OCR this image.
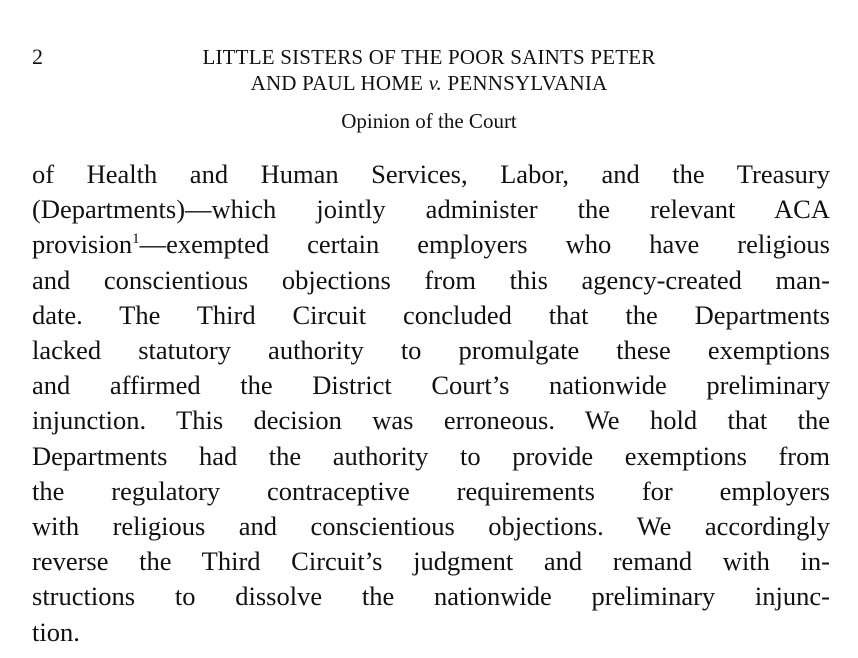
2	LITTLE SISTERS OF THE POOR SAINTS PETER
AND PAUL HOME v. PENNSYLVANIA
Opinion of the Court
of Health and Human Services, Labor, and the Treasury
(Departments)—which jointly administer the relevant ACA
provision$^1$—exempted certain employers who have religious
and conscientious objections from this agency-created man-
date. The Third Circuit concluded that the Departments
lacked statutory authority to promulgate these exemptions
and affirmed the District Court’s nationwide preliminary
injunction. This decision was erroneous. We hold that the
Departments had the authority to provide exemptions from
the regulatory contraceptive requirements for employers
with religious and conscientious objections. We accordingly
reverse the Third Circuit’s judgment and remand with in-
structions to dissolve the nationwide preliminary injunc-
tion.
